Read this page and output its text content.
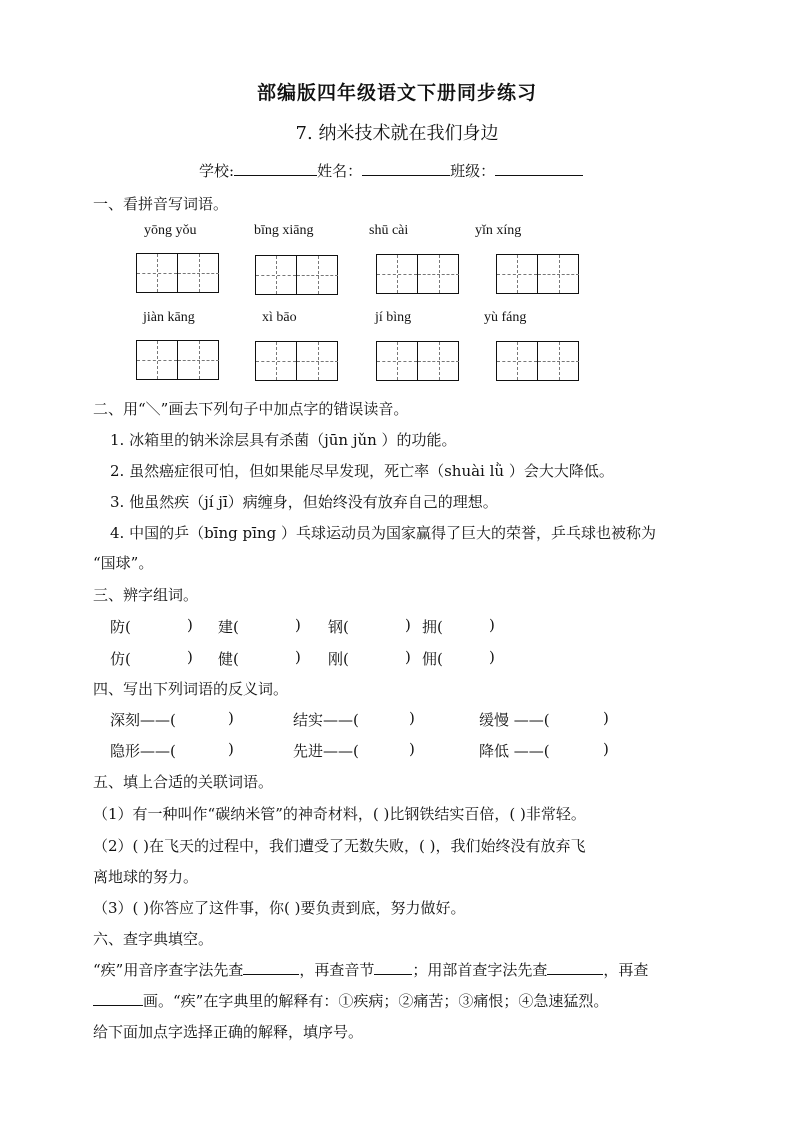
部编版四年级语文下册同步练习
7. 纳米技术就在我们身边
学校:	姓名：	班级：
一、看拼音写词语。
yōng yǒu	bīng xiāng	shū cài	yǐn xíng
jiàn kāng	xì bāo	jí bìng	yù fáng
二、用“＼”画去下列句子中加点字的错误读音。
1. 冰箱里的钠米涂层具有杀菌（jūn jǔn ）的功能。
2. 虽然癌症很可怕，但如果能尽早发现，死亡率（shuài lǜ ）会大大降低。
3. 他虽然疾（jí jī）病缠身，但始终没有放弃自己的理想。
4. 中国的乒（bīng pīng ）乓球运动员为国家赢得了巨大的荣誉，乒乓球也被称为
“国球”。
三、辨字组词。
防(	) 建(	) 钢(	) 拥(	)
仿(	) 健(	) 刚(	) 佣(	)
四、写出下列词语的反义词。
深刻——(	)	结实——(	)	缓慢 ——(	)
隐形——(	)	先进——(	)	降低 ——(	)
五、填上合适的关联词语。
（1）有一种叫作“碳纳米管”的神奇材料，( )比钢铁结实百倍，( )非常轻。
（2）( )在飞天的过程中，我们遭受了无数失败，( )，我们始终没有放弃飞
离地球的努力。
（3）( )你答应了这件事，你( )要负责到底，努力做好。
六、查字典填空。
“疾”用音序查字法先查	，再查音节	；用部首查字法先查	，再查
画。“疾”在字典里的解释有：①疾病；②痛苦；③痛恨；④急速猛烈。
给下面加点字选择正确的解释，填序号。
